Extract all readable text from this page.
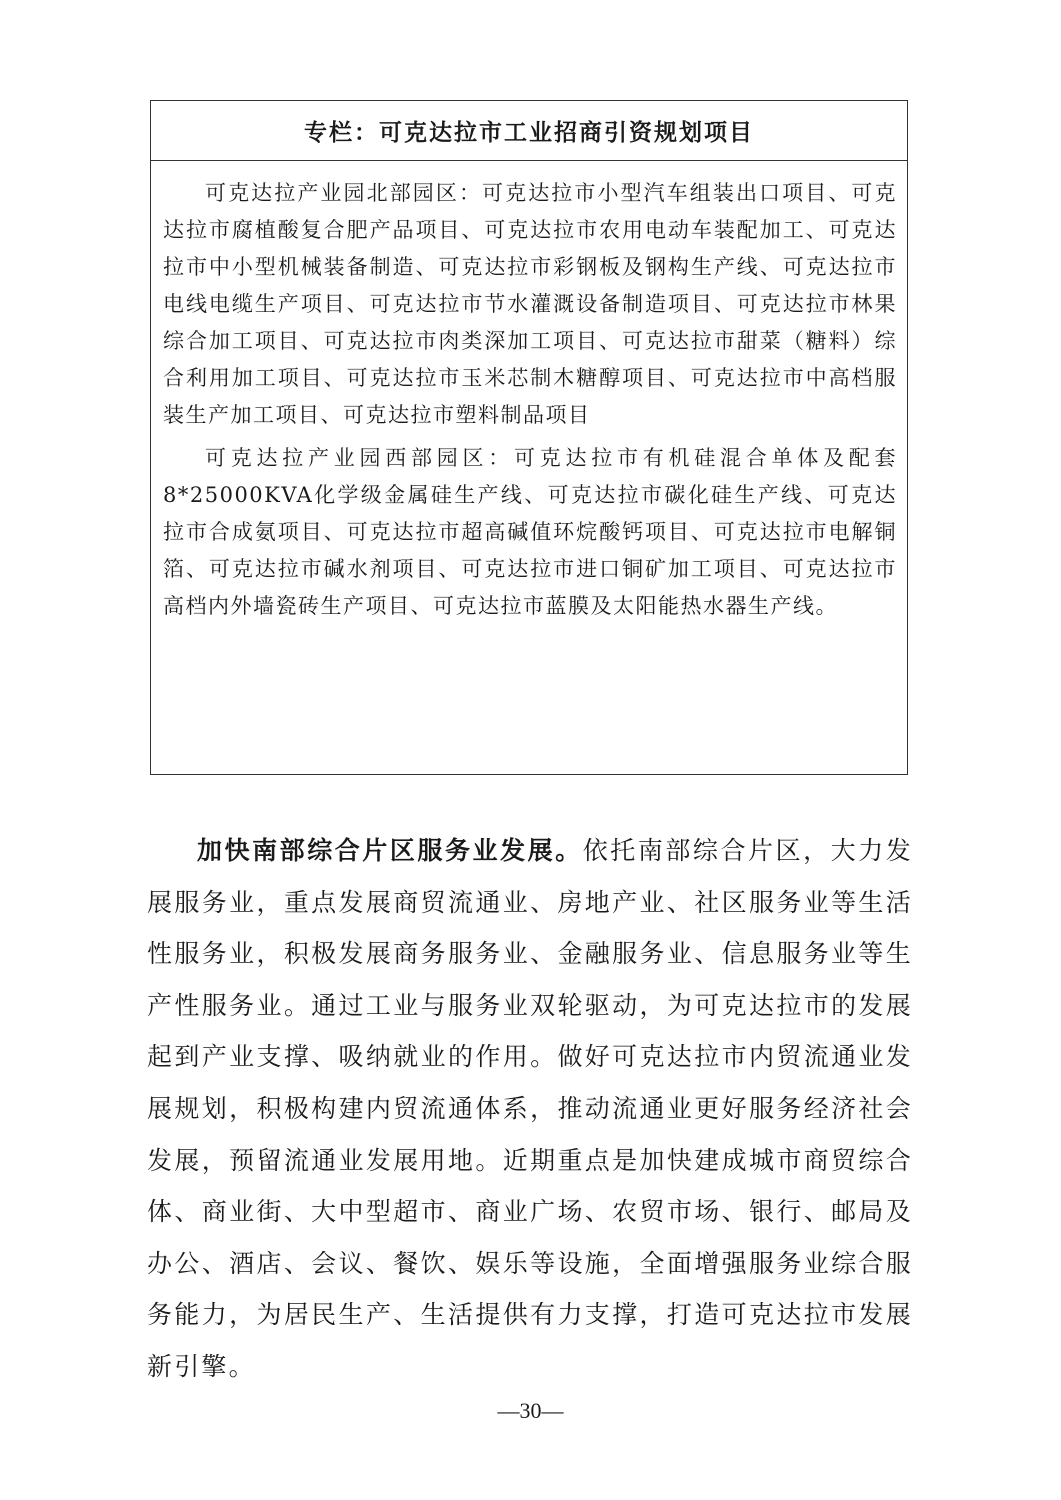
专栏：可克达拉市工业招商引资规划项目

可克达拉产业园北部园区：可克达拉市小型汽车组装出口项目、可克达拉市腐植酸复合肥产品项目、可克达拉市农用电动车装配加工、可克达拉市中小型机械装备制造、可克达拉市彩钢板及钢构生产线、可克达拉市电线电缆生产项目、可克达拉市节水灌溉设备制造项目、可克达拉市林果综合加工项目、可克达拉市肉类深加工项目、可克达拉市甜菜（糖料）综合利用加工项目、可克达拉市玉米芯制木糖醇项目、可克达拉市中高档服装生产加工项目、可克达拉市塑料制品项目

可克达拉产业园西部园区：可克达拉市有机硅混合单体及配套8*25000KVA化学级金属硅生产线、可克达拉市碳化硅生产线、可克达拉市合成氨项目、可克达拉市超高碱值环烷酸钙项目、可克达拉市电解铜箔、可克达拉市碱水剂项目、可克达拉市进口铜矿加工项目、可克达拉市高档内外墙瓷砖生产项目、可克达拉市蓝膜及太阳能热水器生产线。

加快南部综合片区服务业发展。依托南部综合片区，大力发展服务业，重点发展商贸流通业、房地产业、社区服务业等生活性服务业，积极发展商务服务业、金融服务业、信息服务业等生产性服务业。通过工业与服务业双轮驱动，为可克达拉市的发展起到产业支撑、吸纳就业的作用。做好可克达拉市内贸流通业发展规划，积极构建内贸流通体系，推动流通业更好服务经济社会发展，预留流通业发展用地。近期重点是加快建成城市商贸综合体、商业街、大中型超市、商业广场、农贸市场、银行、邮局及办公、酒店、会议、餐饮、娱乐等设施，全面增强服务业综合服务能力，为居民生产、生活提供有力支撑，打造可克达拉市发展新引擎。

—30—
